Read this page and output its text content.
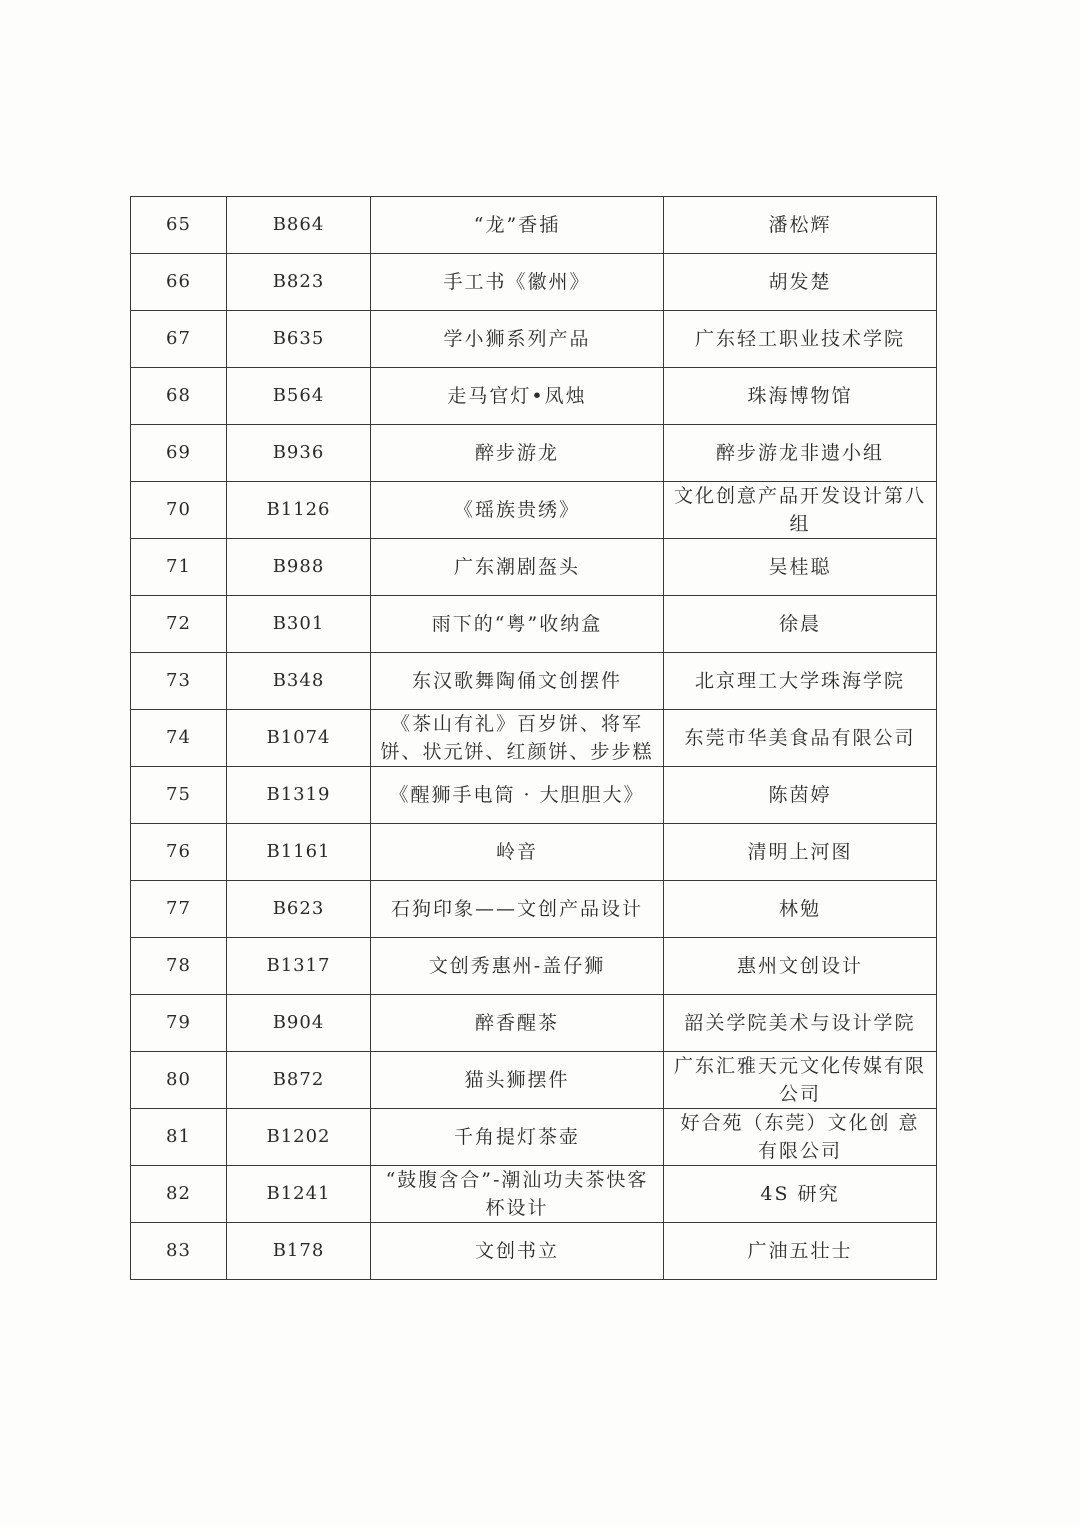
65	B864	“龙”香插	潘松辉
66	B823	手工书《徽州》	胡发楚
67	B635	学小狮系列产品	广东轻工职业技术学院
68	B564	走马官灯•凤烛	珠海博物馆
69	B936	醉步游龙	醉步游龙非遗小组
70	B1126	《瑶族贵绣》	文化创意产品开发设计第八组
71	B988	广东潮剧盔头	吴桂聪
72	B301	雨下的“粤”收纳盒	徐晨
73	B348	东汉歌舞陶俑文创摆件	北京理工大学珠海学院
74	B1074	《茶山有礼》百岁饼、将军饼、状元饼、红颜饼、步步糕	东莞市华美食品有限公司
75	B1319	《醒狮手电筒 · 大胆胆大》	陈茵婷
76	B1161	岭音	清明上河图
77	B623	石狗印象——文创产品设计	林勉
78	B1317	文创秀惠州-盖仔狮	惠州文创设计
79	B904	醉香醒茶	韶关学院美术与设计学院
80	B872	猫头狮摆件	广东汇雅天元文化传媒有限公司
81	B1202	千角提灯茶壶	好合苑（东莞）文化创 意有限公司
82	B1241	“鼓腹含合”-潮汕功夫茶快客杯设计	4S 研究
83	B178	文创书立	广油五壮士
